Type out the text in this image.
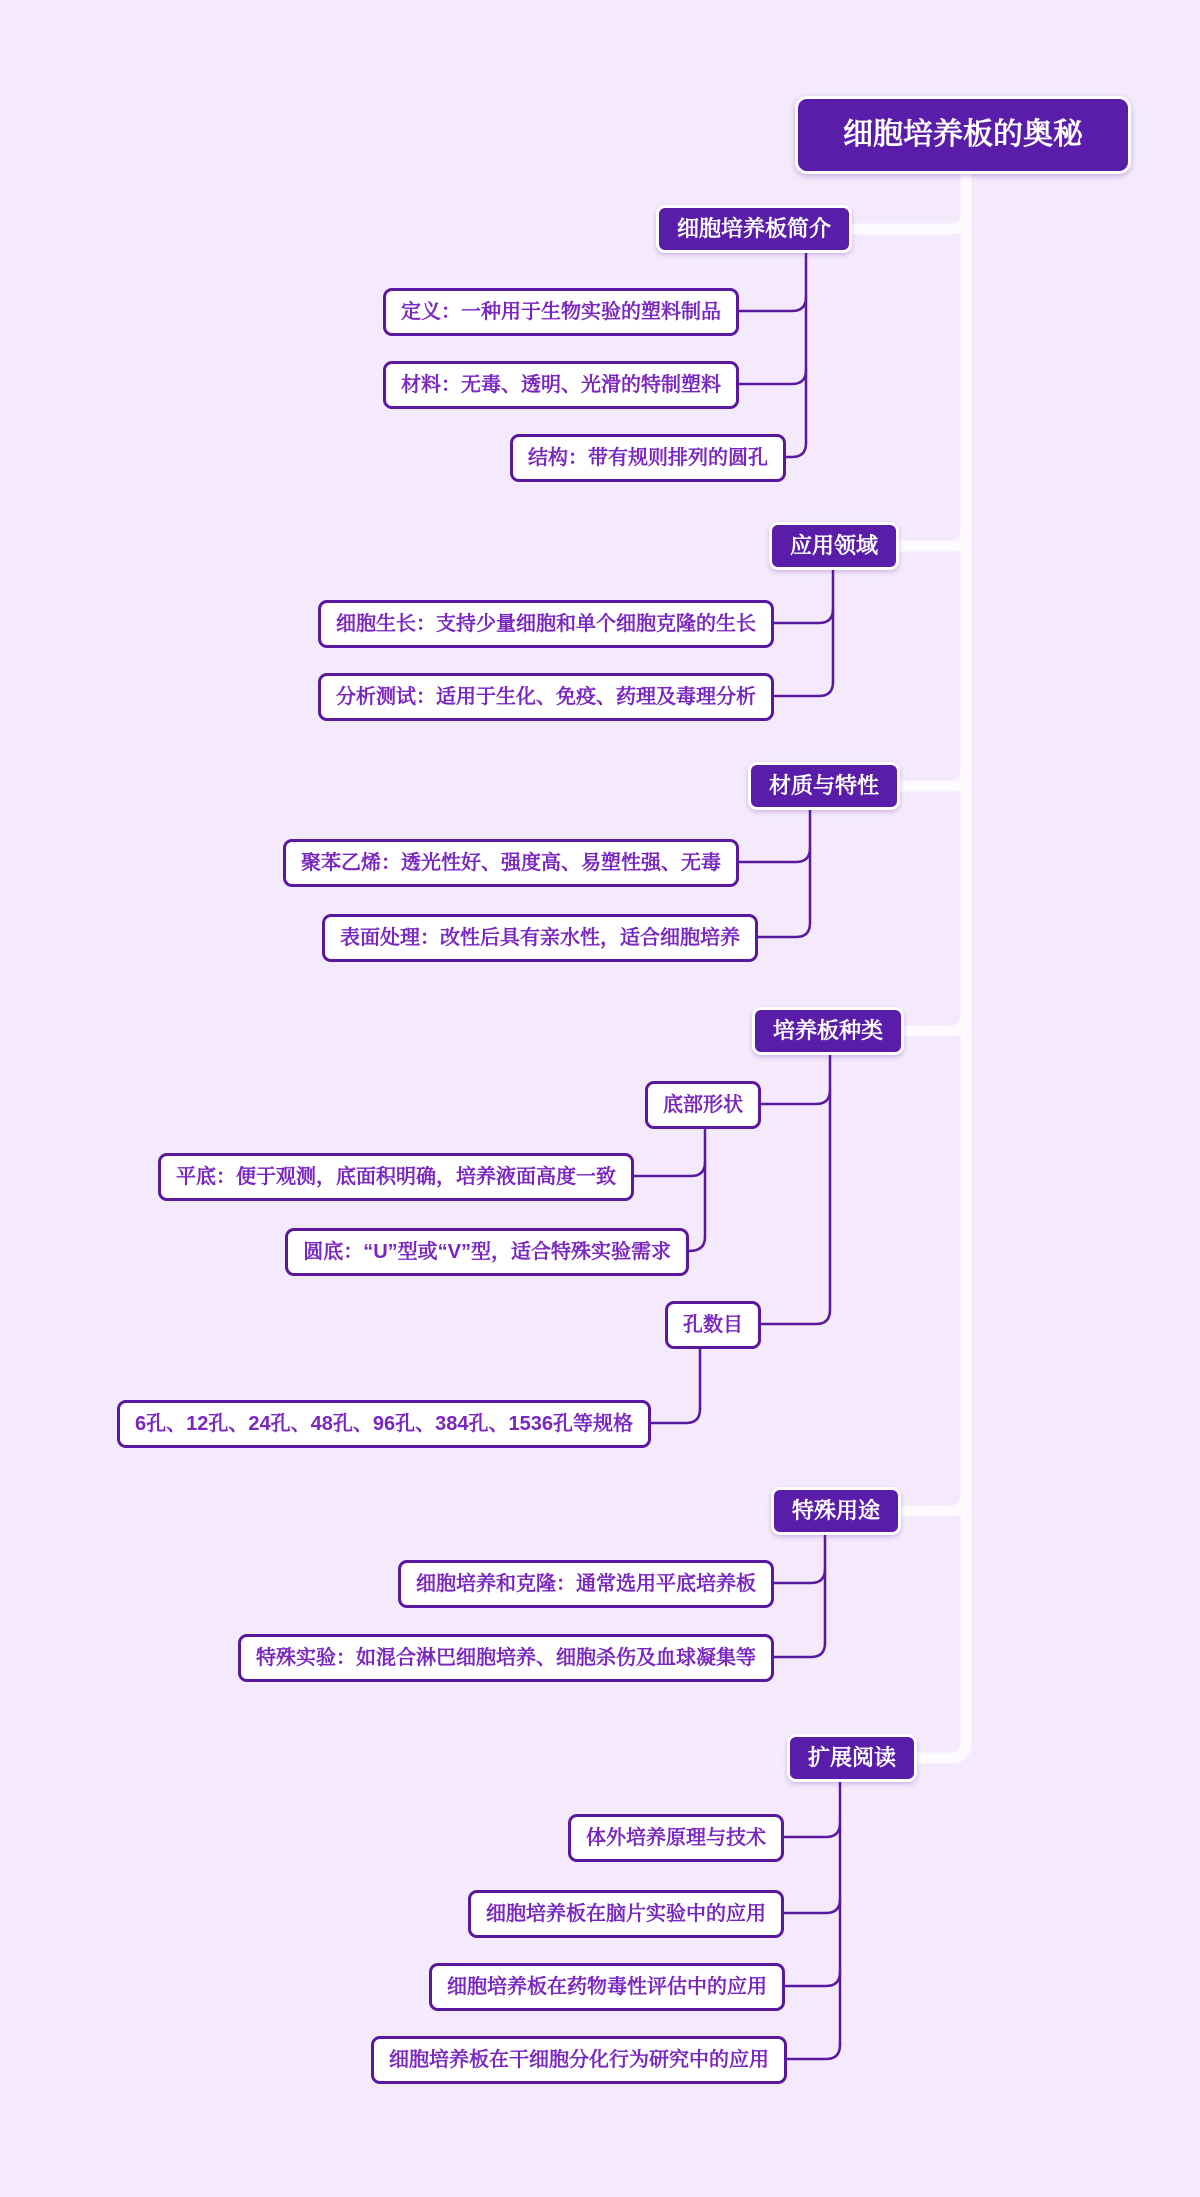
细胞培养板的奥秘
细胞培养板简介
定义：一种用于生物实验的塑料制品
材料：无毒、透明、光滑的特制塑料
结构：带有规则排列的圆孔
应用领域
细胞生长：支持少量细胞和单个细胞克隆的生长
分析测试：适用于生化、免疫、药理及毒理分析
材质与特性
聚苯乙烯：透光性好、强度高、易塑性强、无毒
表面处理：改性后具有亲水性，适合细胞培养
培养板种类
底部形状
平底：便于观测，底面积明确，培养液面高度一致
圆底：“U”型或“V”型，适合特殊实验需求
孔数目
6孔、12孔、24孔、48孔、96孔、384孔、1536孔等规格
特殊用途
细胞培养和克隆：通常选用平底培养板
特殊实验：如混合淋巴细胞培养、细胞杀伤及血球凝集等
扩展阅读
体外培养原理与技术
细胞培养板在脑片实验中的应用
细胞培养板在药物毒性评估中的应用
细胞培养板在干细胞分化行为研究中的应用
